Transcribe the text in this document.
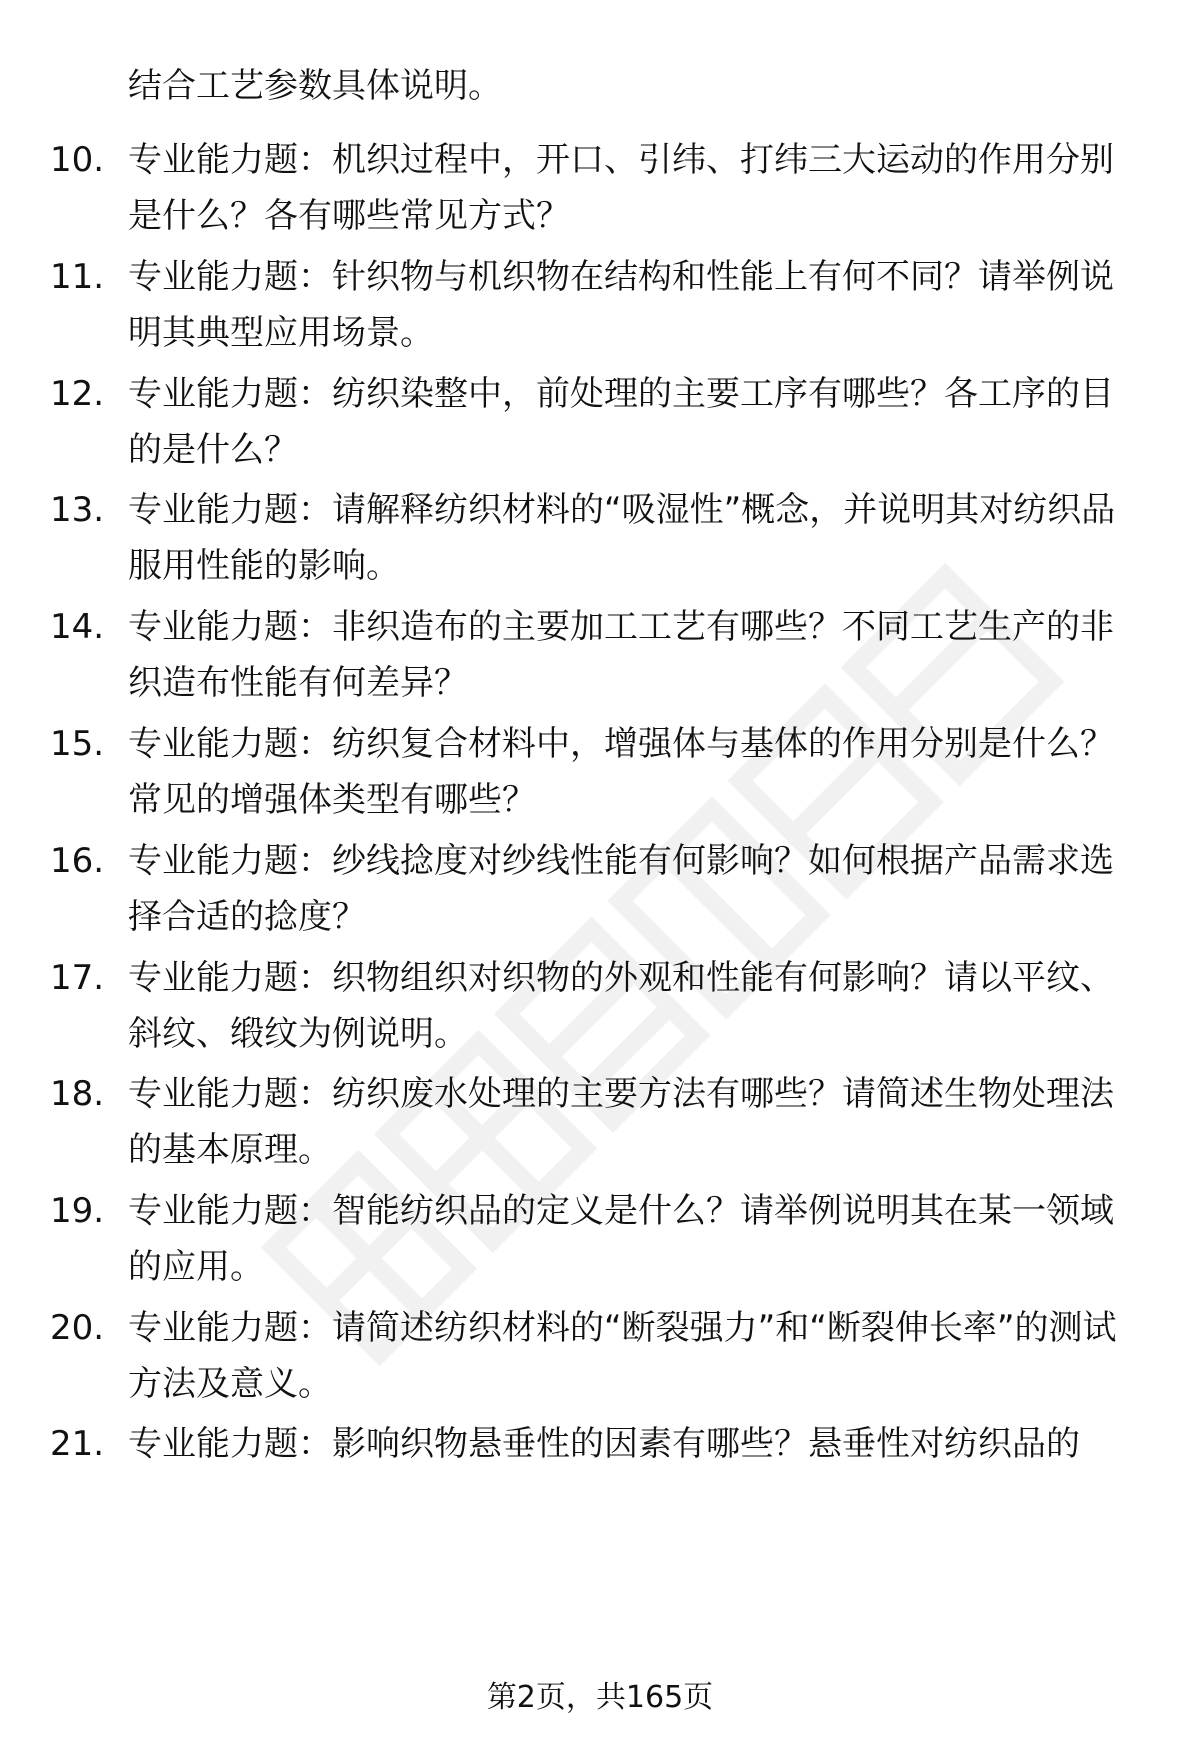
结合工艺参数具体说明。

10. 专业能力题：机织过程中，开口、引纬、打纬三大运动的作用分别是什么？各有哪些常见方式？

11. 专业能力题：针织物与机织物在结构和性能上有何不同？请举例说明其典型应用场景。

12. 专业能力题：纺织染整中，前处理的主要工序有哪些？各工序的目的是什么？

13. 专业能力题：请解释纺织材料的“吸湿性”概念，并说明其对纺织品服用性能的影响。

14. 专业能力题：非织造布的主要加工工艺有哪些？不同工艺生产的非织造布性能有何差异？

15. 专业能力题：纺织复合材料中，增强体与基体的作用分别是什么？常见的增强体类型有哪些？

16. 专业能力题：纱线捻度对纱线性能有何影响？如何根据产品需求选择合适的捻度？

17. 专业能力题：织物组织对织物的外观和性能有何影响？请以平纹、斜纹、缎纹为例说明。

18. 专业能力题：纺织废水处理的主要方法有哪些？请简述生物处理法的基本原理。

19. 专业能力题：智能纺织品的定义是什么？请举例说明其在某一领域的应用。

20. 专业能力题：请简述纺织材料的“断裂强力”和“断裂伸长率”的测试方法及意义。

21. 专业能力题：影响织物悬垂性的因素有哪些？悬垂性对纺织品的

第2页，共165页
